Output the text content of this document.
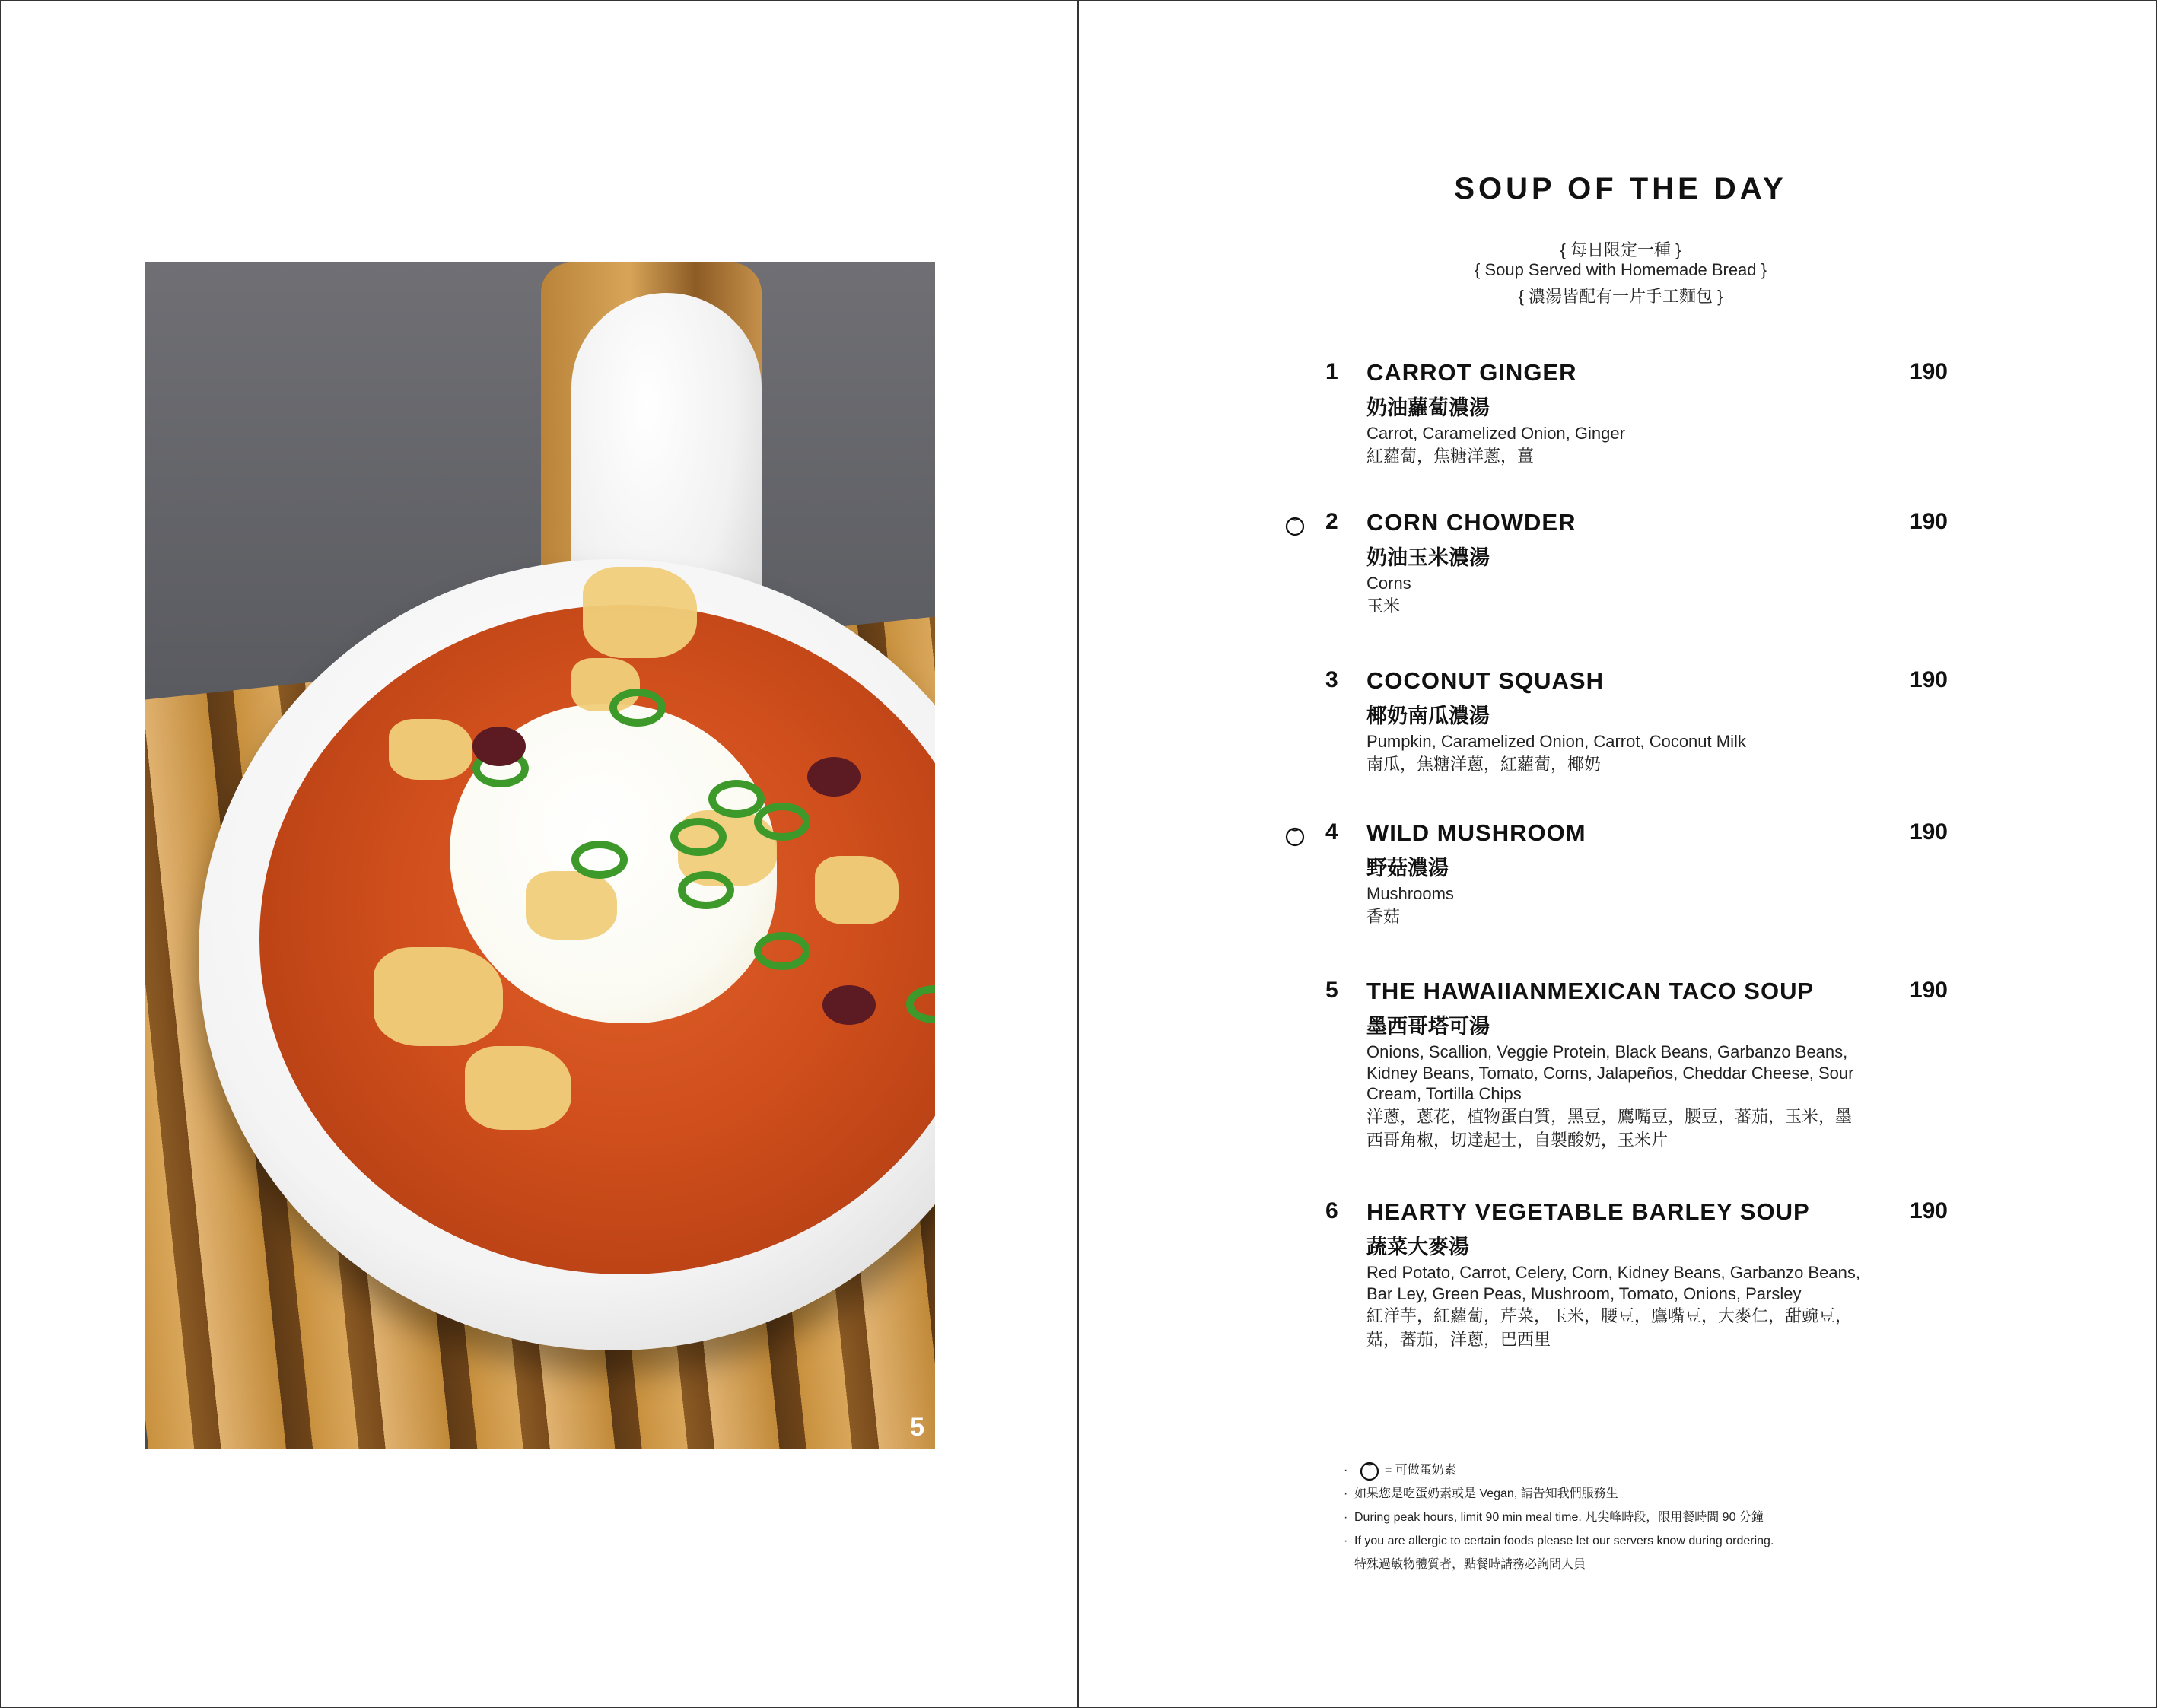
5
SOUP OF THE DAY
{ 每日限定一種 }
{ Soup Served with Homemade Bread }
{ 濃湯皆配有一片手工麵包 }
1 CARROT GINGER	190
奶油蘿蔔濃湯
Carrot, Caramelized Onion, Ginger
紅蘿蔔，焦糖洋蔥，薑
2 CORN CHOWDER	190
奶油玉米濃湯
Corns
玉米
3 COCONUT SQUASH	190
椰奶南瓜濃湯
Pumpkin, Caramelized Onion, Carrot, Coconut Milk
南瓜，焦糖洋蔥，紅蘿蔔，椰奶
4 WILD MUSHROOM	190
野菇濃湯
Mushrooms
香菇
5 THE HAWAIIANMEXICAN TACO SOUP	190
墨西哥塔可湯
Onions, Scallion, Veggie Protein, Black Beans, Garbanzo Beans, Kidney Beans, Tomato, Corns, Jalapeños, Cheddar Cheese, Sour Cream, Tortilla Chips
洋蔥，蔥花，植物蛋白質，黑豆，鷹嘴豆，腰豆，蕃茄，玉米，墨西哥角椒，切達起士，自製酸奶，玉米片
6 HEARTY VEGETABLE BARLEY SOUP	190
蔬菜大麥湯
Red Potato, Carrot, Celery, Corn, Kidney Beans, Garbanzo Beans, Bar Ley, Green Peas, Mushroom, Tomato, Onions, Parsley
紅洋芋，紅蘿蔔，芹菜，玉米，腰豆，鷹嘴豆，大麥仁，甜豌豆，菇，蕃茄，洋蔥，巴西里
·	= 可做蛋奶素
· 如果您是吃蛋奶素或是 Vegan, 請告知我們服務生
· During peak hours, limit 90 min meal time. 凡尖峰時段，限用餐時間 90 分鐘
· If you are allergic to certain foods please let our servers know during ordering.
特殊過敏物體質者，點餐時請務必詢問人員
